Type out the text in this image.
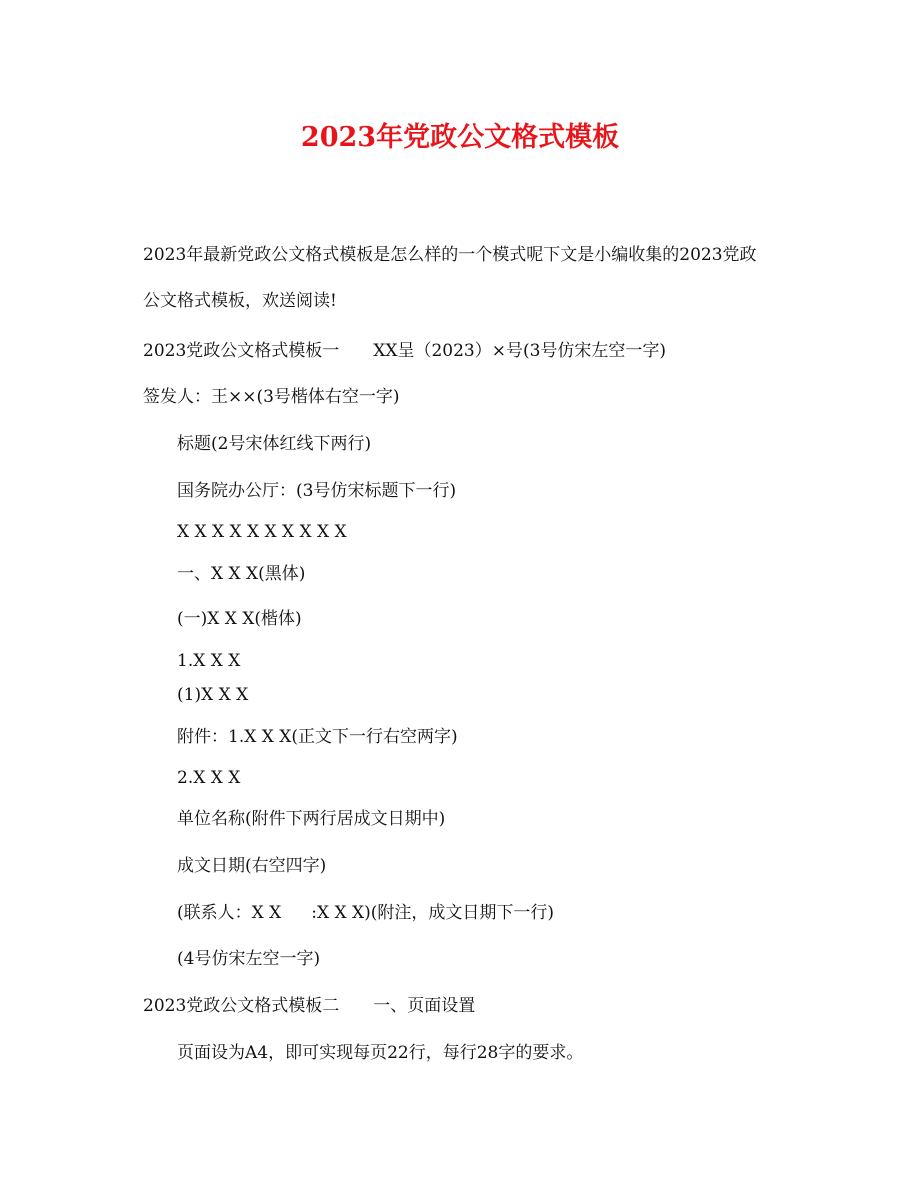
2023年党政公文格式模板
2023年最新党政公文格式模板是怎么样的一个模式呢下文是小编收集的2023党政
公文格式模板，欢送阅读!
2023党政公文格式模板一 XX呈（2023）×号(3号仿宋左空一字)
签发人：王××(3号楷体右空一字)
标题(2号宋体红线下两行)
国务院办公厅：(3号仿宋标题下一行)
X X X X X X X X X X
一、X X X(黑体)
(一)X X X(楷体)
1.X X X
(1)X X X
附件：1.X X X(正文下一行右空两字)
2.X X X
单位名称(附件下两行居成文日期中)
成文日期(右空四字)
(联系人：X X :X X X)(附注，成文日期下一行)
(4号仿宋左空一字)
2023党政公文格式模板二 一、页面设置
页面设为A4，即可实现每页22行，每行28字的要求。
